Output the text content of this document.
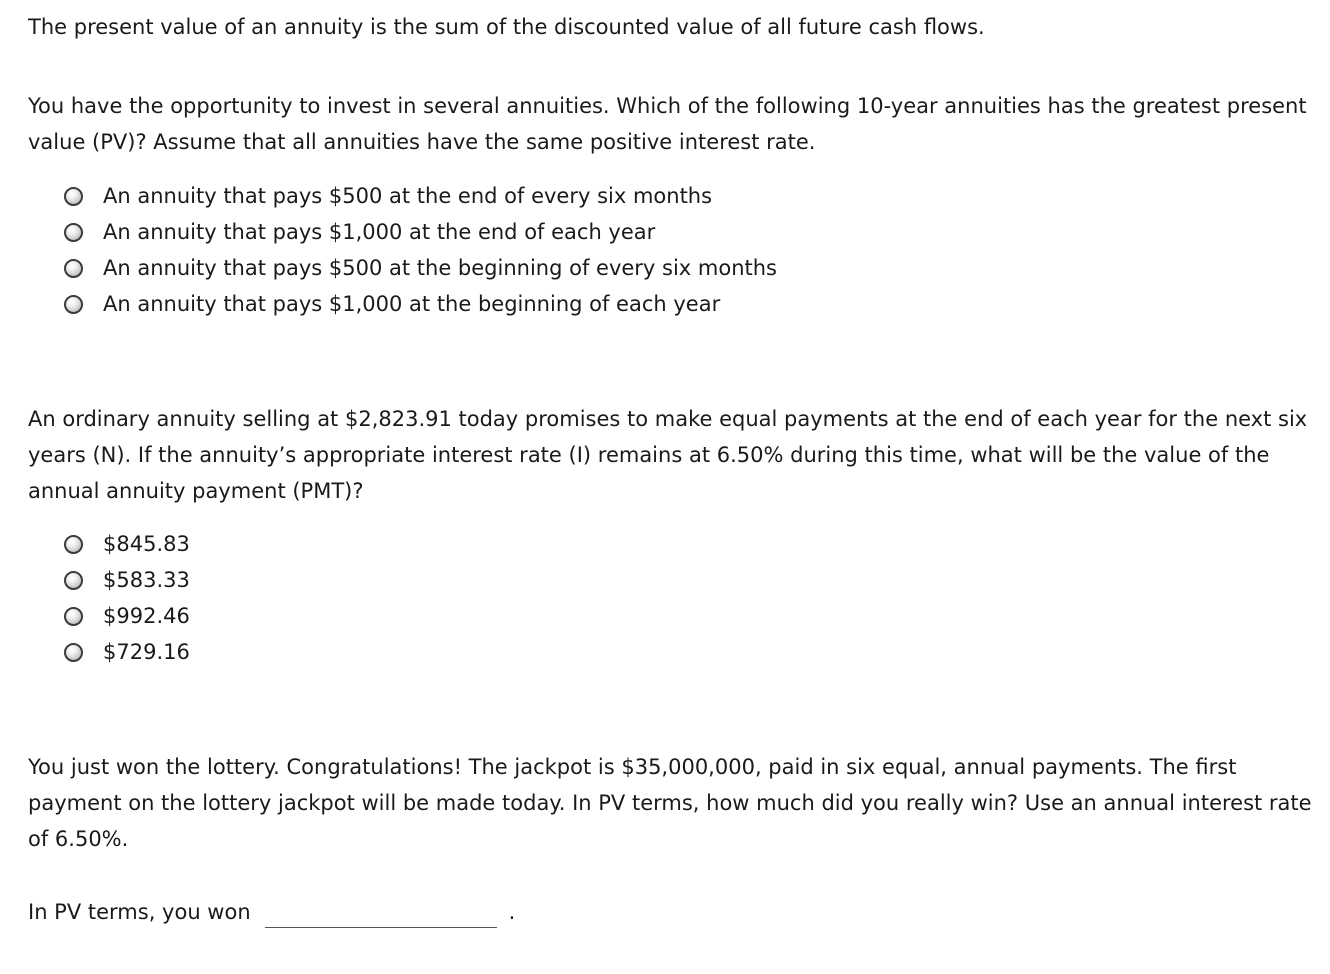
The present value of an annuity is the sum of the discounted value of all future cash flows.

You have the opportunity to invest in several annuities. Which of the following 10-year annuities has the greatest present value (PV)? Assume that all annuities have the same positive interest rate.

An annuity that pays $500 at the end of every six months
An annuity that pays $1,000 at the end of each year
An annuity that pays $500 at the beginning of every six months
An annuity that pays $1,000 at the beginning of each year

An ordinary annuity selling at $2,823.91 today promises to make equal payments at the end of each year for the next six years (N). If the annuity’s appropriate interest rate (I) remains at 6.50% during this time, what will be the value of the annual annuity payment (PMT)?

$845.83
$583.33
$992.46
$729.16

You just won the lottery. Congratulations! The jackpot is $35,000,000, paid in six equal, annual payments. The first payment on the lottery jackpot will be made today. In PV terms, how much did you really win? Use an annual interest rate of 6.50%.

In PV terms, you won	.
